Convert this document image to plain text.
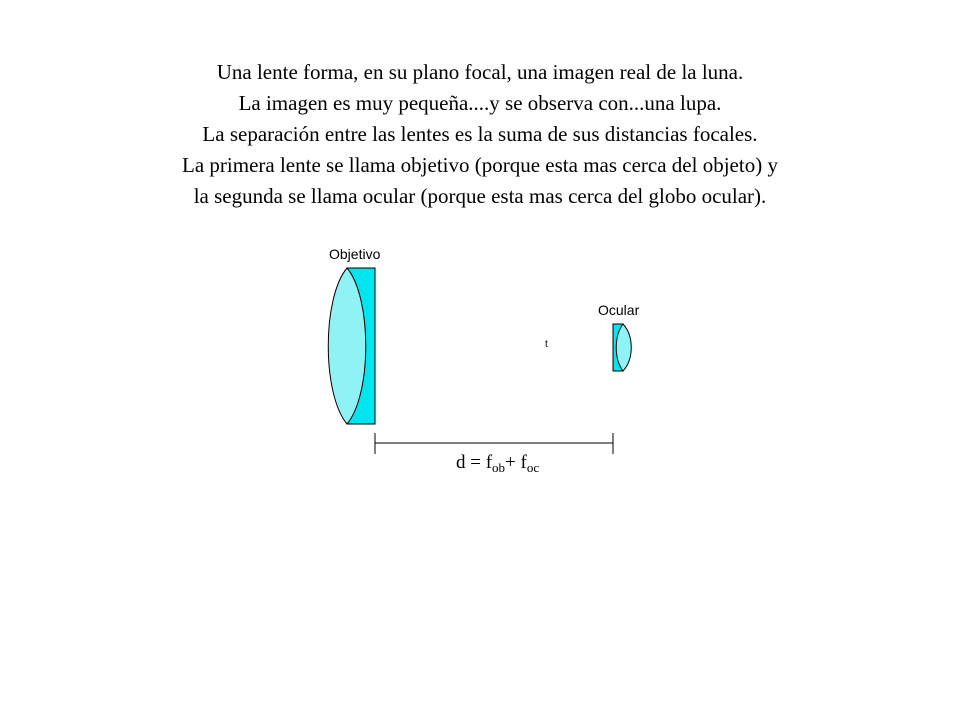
Una lente forma, en su plano focal, una imagen real de la luna.
La imagen es muy pequeña....y se observa con...una lupa.
La separación entre las lentes es la suma de sus distancias focales.
La primera lente se llama objetivo (porque esta mas cerca del objeto) y
la segunda se llama ocular (porque esta mas cerca del globo ocular).
Objetivo
Ocular
t
$d = f_{ob}+ f_{oc}$
